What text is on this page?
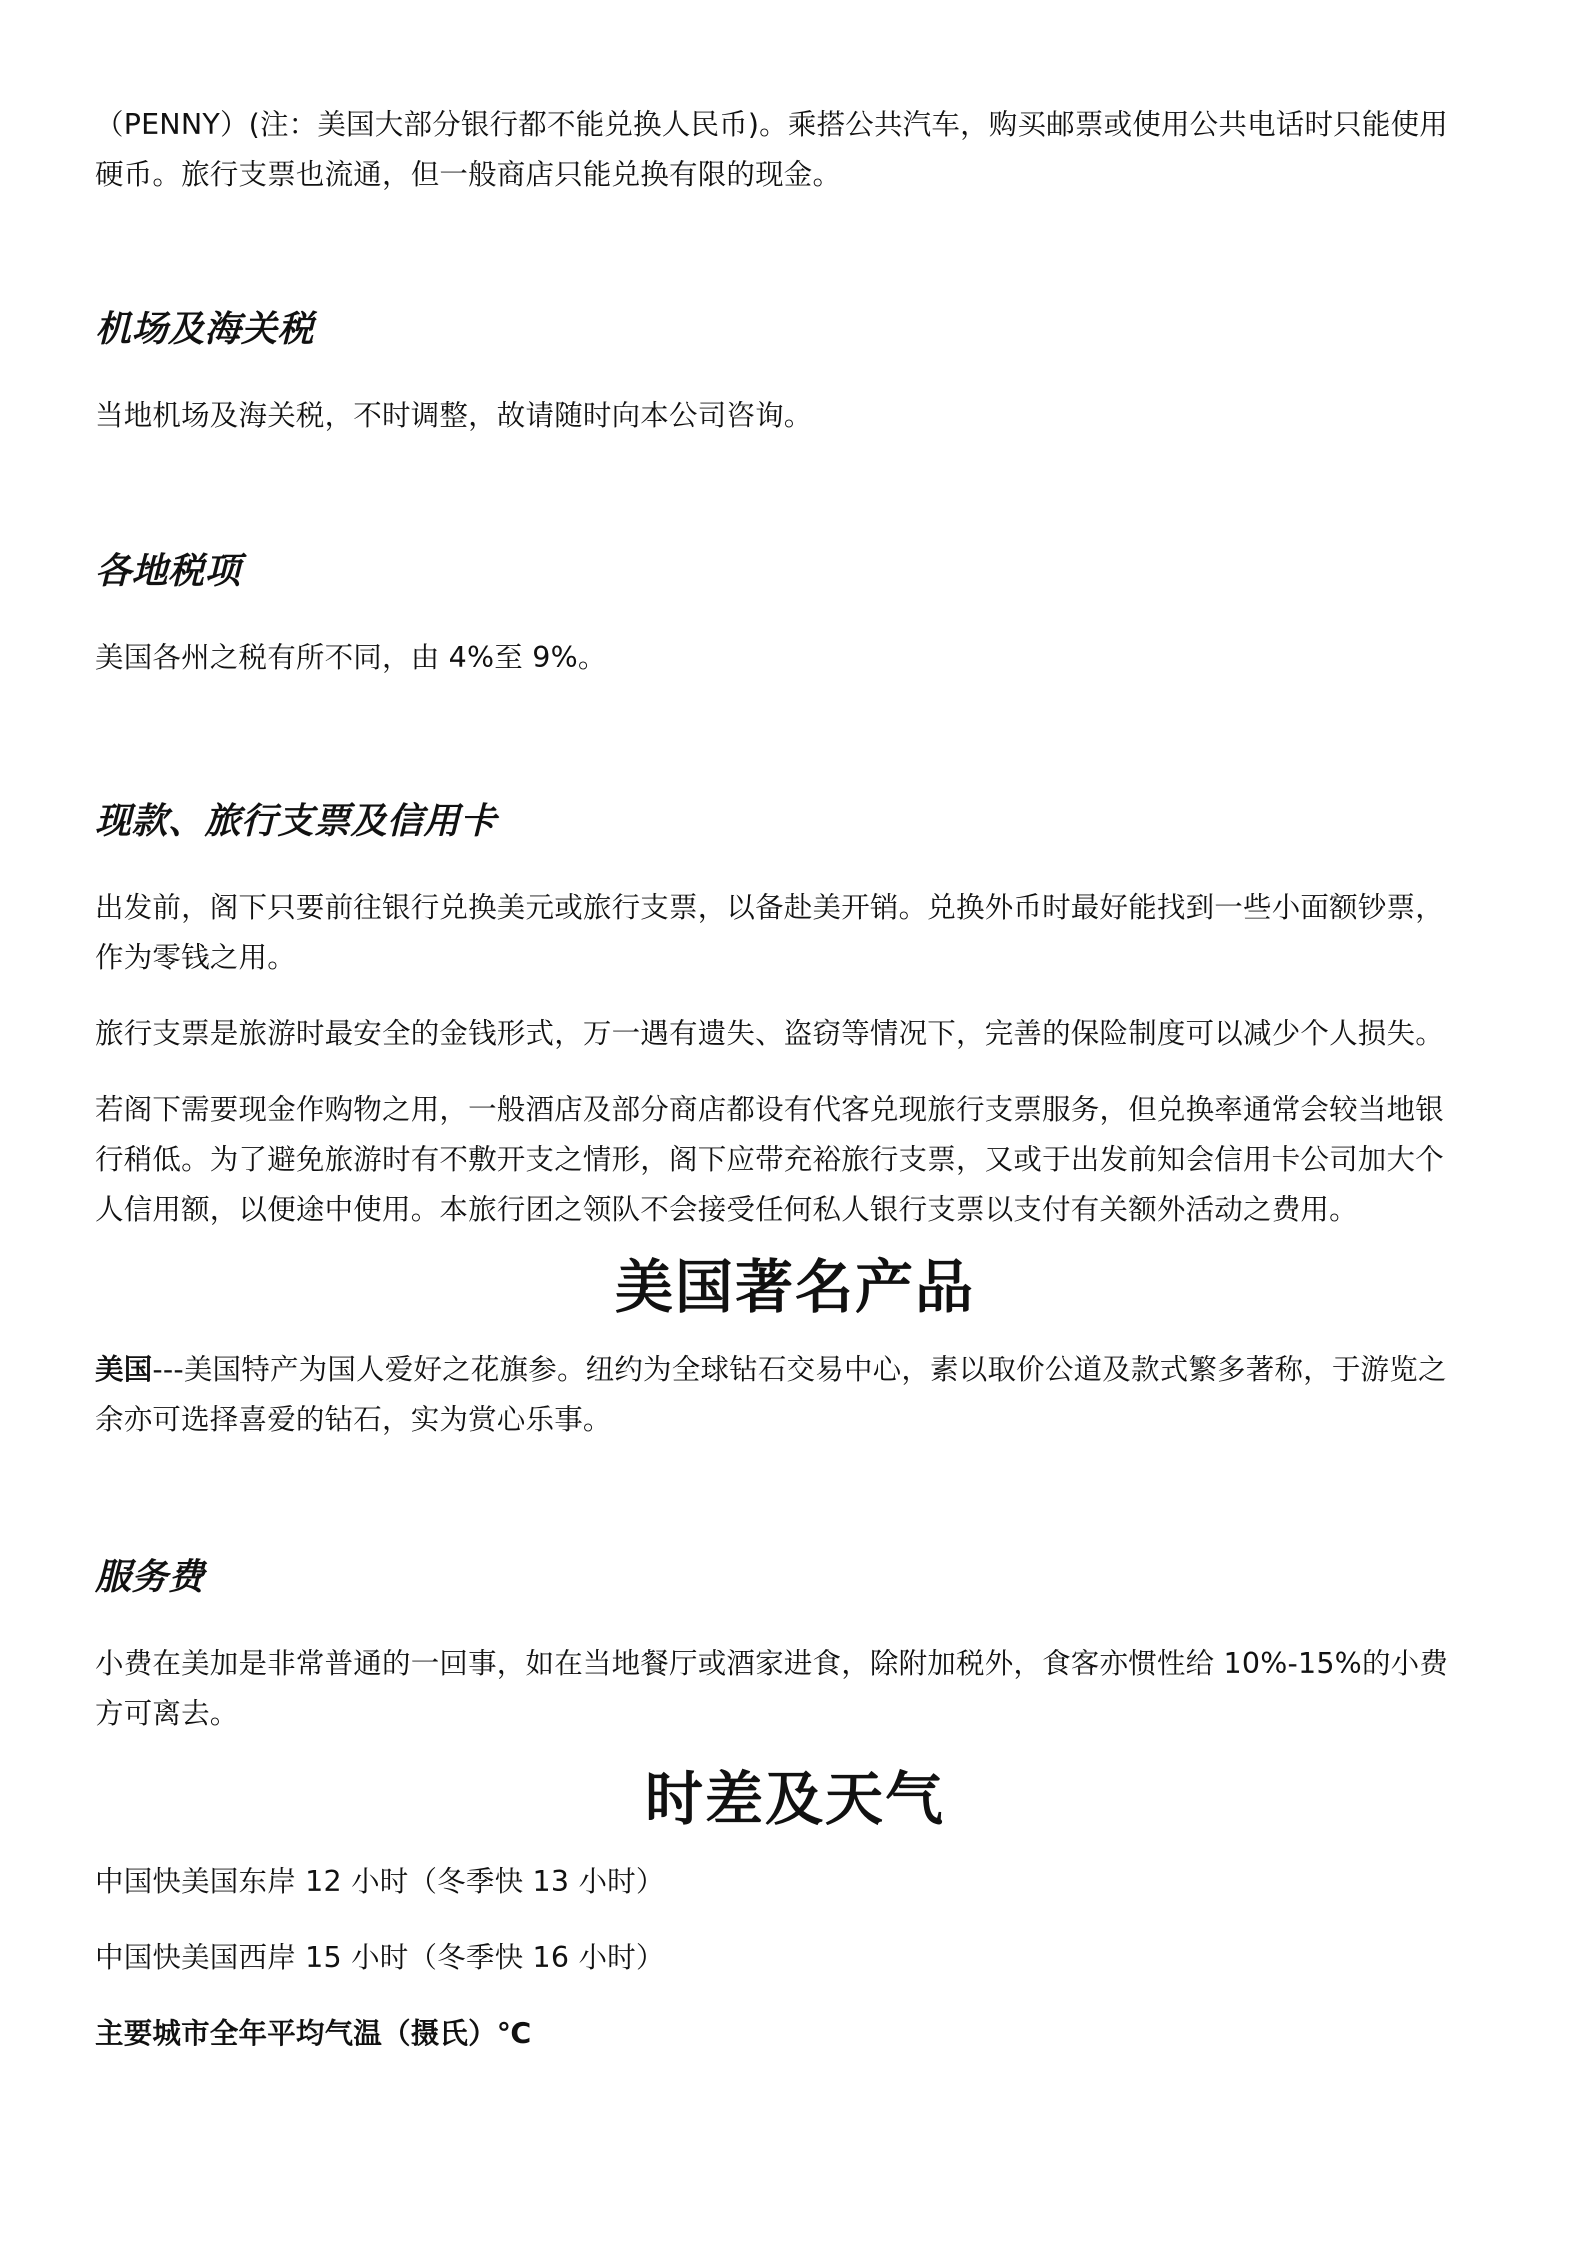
（PENNY）(注：美国大部分银行都不能兑换人民币)。乘搭公共汽车，购买邮票或使用公共电话时只能使用

硬币。旅行支票也流通，但一般商店只能兑换有限的现金。

机场及海关税

当地机场及海关税，不时调整，故请随时向本公司咨询。

各地税项

美国各州之税有所不同，由 4%至 9%。

现款、旅行支票及信用卡

出发前，阁下只要前往银行兑换美元或旅行支票，以备赴美开销。兑换外币时最好能找到一些小面额钞票，

作为零钱之用。

旅行支票是旅游时最安全的金钱形式，万一遇有遗失、盗窃等情况下，完善的保险制度可以减少个人损失。

若阁下需要现金作购物之用，一般酒店及部分商店都设有代客兑现旅行支票服务，但兑换率通常会较当地银

行稍低。为了避免旅游时有不敷开支之情形，阁下应带充裕旅行支票，又或于出发前知会信用卡公司加大个

人信用额，以便途中使用。本旅行团之领队不会接受任何私人银行支票以支付有关额外活动之费用。

美国著名产品

美国---美国特产为国人爱好之花旗参。纽约为全球钻石交易中心，素以取价公道及款式繁多著称，于游览之

余亦可选择喜爱的钻石，实为赏心乐事。

服务费

小费在美加是非常普通的一回事，如在当地餐厅或酒家进食，除附加税外，食客亦惯性给 10%-15%的小费

方可离去。

时差及天气

中国快美国东岸 12 小时（冬季快 13 小时）

中国快美国西岸 15 小时（冬季快 16 小时）

主要城市全年平均气温（摄氏）℃
